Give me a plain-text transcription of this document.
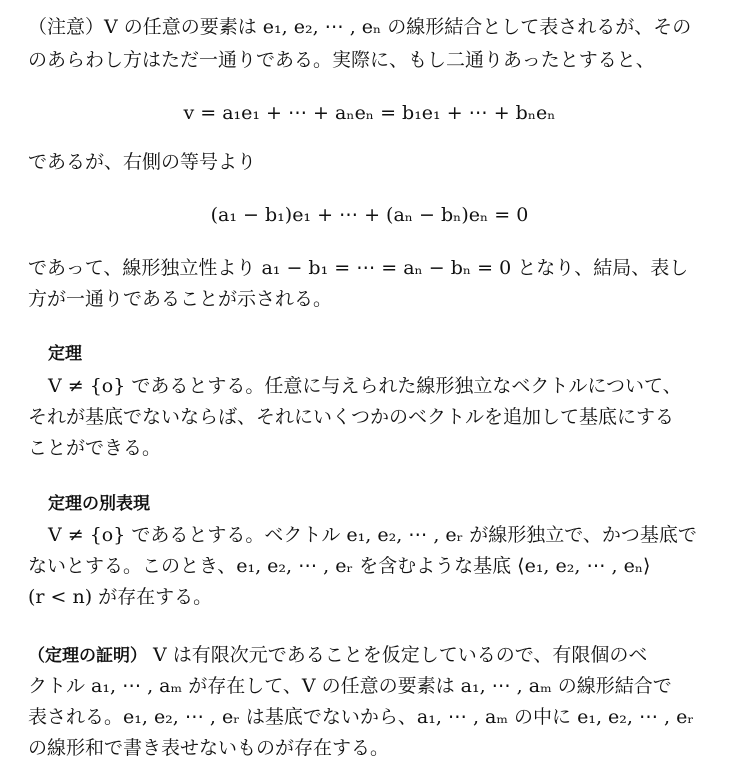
（注意）V の任意の要素は e₁, e₂, ⋯ , eₙ の線形結合として表されるが、その
のあらわし方はただ一通りである。実際に、もし二通りあったとすると、
v = a₁e₁ + ⋯ + aₙeₙ = b₁e₁ + ⋯ + bₙeₙ
であるが、右側の等号より
(a₁ − b₁)e₁ + ⋯ + (aₙ − bₙ)eₙ = 0
であって、線形独立性より a₁ − b₁ = ⋯ = aₙ − bₙ = 0 となり、結局、表し
方が一通りであることが示される。
定理
V ≠ {o} であるとする。任意に与えられた線形独立なベクトルについて、
それが基底でないならば、それにいくつかのベクトルを追加して基底にする
ことができる。
定理の別表現
V ≠ {o} であるとする。ベクトル e₁, e₂, ⋯ , eᵣ が線形独立で、かつ基底で
ないとする。このとき、e₁, e₂, ⋯ , eᵣ を含むような基底 ⟨e₁, e₂, ⋯ , eₙ⟩
(r < n) が存在する。
（定理の証明） V は有限次元であることを仮定しているので、有限個のベ
クトル a₁, ⋯ , aₘ が存在して、V の任意の要素は a₁, ⋯ , aₘ の線形結合で
表される。e₁, e₂, ⋯ , eᵣ は基底でないから、a₁, ⋯ , aₘ の中に e₁, e₂, ⋯ , eᵣ
の線形和で書き表せないものが存在する。
